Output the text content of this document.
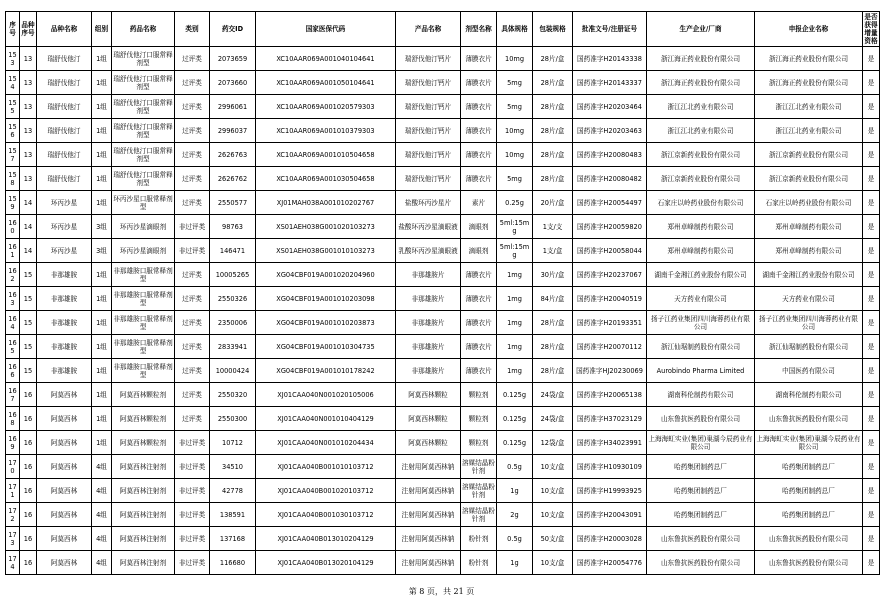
序号	品种序号	品种名称	组别	药品名称	类别	药交ID	国家医保代码	产品名称	剂型名称	具体规格	包装规格	批准文号/注册证号	生产企业/厂商	申报企业名称	是否获得增量资格
153	13	瑞舒伐他汀	1组	瑞舒伐他汀口服常释剂型	过评类	2073659	XC10AAR069A001040104641	瑞舒伐他汀钙片	薄膜衣片	10mg	28片/盒	国药准字H20143338	浙江海正药业股份有限公司	浙江海正药业股份有限公司	是
154	13	瑞舒伐他汀	1组	瑞舒伐他汀口服常释剂型	过评类	2073660	XC10AAR069A001050104641	瑞舒伐他汀钙片	薄膜衣片	5mg	28片/盒	国药准字H20143337	浙江海正药业股份有限公司	浙江海正药业股份有限公司	是
155	13	瑞舒伐他汀	1组	瑞舒伐他汀口服常释剂型	过评类	2996061	XC10AAR069A001020579303	瑞舒伐他汀钙片	薄膜衣片	5mg	28片/盒	国药准字H20203464	浙江江北药业有限公司	浙江江北药业有限公司	是
156	13	瑞舒伐他汀	1组	瑞舒伐他汀口服常释剂型	过评类	2996037	XC10AAR069A001010379303	瑞舒伐他汀钙片	薄膜衣片	10mg	28片/盒	国药准字H20203463	浙江江北药业有限公司	浙江江北药业有限公司	是
157	13	瑞舒伐他汀	1组	瑞舒伐他汀口服常释剂型	过评类	2626763	XC10AAR069A001010504658	瑞舒伐他汀钙片	薄膜衣片	10mg	28片/盒	国药准字H20080483	浙江京新药业股份有限公司	浙江京新药业股份有限公司	是
158	13	瑞舒伐他汀	1组	瑞舒伐他汀口服常释剂型	过评类	2626762	XC10AAR069A001030504658	瑞舒伐他汀钙片	薄膜衣片	5mg	28片/盒	国药准字H20080482	浙江京新药业股份有限公司	浙江京新药业股份有限公司	是
159	14	环丙沙星	1组	环丙沙星口服常释剂型	过评类	2550577	XJ01MAH038A001010202767	盐酸环丙沙星片	素片	0.25g	20片/盒	国药准字H20054497	石家庄以岭药业股份有限公司	石家庄以岭药业股份有限公司	是
160	14	环丙沙星	3组	环丙沙星滴眼剂	非过评类	98763	XS01AEH038G001020103273	盐酸环丙沙星滴眼液	滴眼剂	5ml:15mg	1支/支	国药准字H20059820	郑州卓峰制药有限公司	郑州卓峰制药有限公司	是
161	14	环丙沙星	3组	环丙沙星滴眼剂	非过评类	146471	XS01AEH038G001010103273	乳酸环丙沙星滴眼液	滴眼剂	5ml:15mg	1支/盒	国药准字H20058044	郑州卓峰制药有限公司	郑州卓峰制药有限公司	是
162	15	非那雄胺	1组	非那雄胺口服常释剂型	过评类	10005265	XG04CBF019A001020204960	非那雄胺片	薄膜衣片	1mg	30片/盒	国药准字H20237067	湖南千金湘江药业股份有限公司	湖南千金湘江药业股份有限公司	是
163	15	非那雄胺	1组	非那雄胺口服常释剂型	过评类	2550326	XG04CBF019A001010203098	非那雄胺片	薄膜衣片	1mg	84片/盒	国药准字H20040519	天方药业有限公司	天方药业有限公司	是
164	15	非那雄胺	1组	非那雄胺口服常释剂型	过评类	2350006	XG04CBF019A001010203873	非那雄胺片	薄膜衣片	1mg	28片/盒	国药准字H20193351	扬子江药业集团四川海蓉药业有限公司	扬子江药业集团四川海蓉药业有限公司	是
165	15	非那雄胺	1组	非那雄胺口服常释剂型	过评类	2833941	XG04CBF019A001010304735	非那雄胺片	薄膜衣片	1mg	28片/盒	国药准字H20070112	浙江仙琚制药股份有限公司	浙江仙琚制药股份有限公司	是
166	15	非那雄胺	1组	非那雄胺口服常释剂型	过评类	10000424	XG04CBF019A001010178242	非那雄胺片	薄膜衣片	1mg	28片/盒	国药准字HJ20230069	Aurobindo Pharma Limited	中国医药有限公司	是
167	16	阿莫西林	1组	阿莫西林颗粒剂	过评类	2550320	XJ01CAA040N001020105006	阿莫西林颗粒	颗粒剂	0.125g	24袋/盒	国药准字H20065138	湖南科伦制药有限公司	湖南科伦制药有限公司	是
168	16	阿莫西林	1组	阿莫西林颗粒剂	过评类	2550300	XJ01CAA040N001010404129	阿莫西林颗粒	颗粒剂	0.125g	24袋/盒	国药准字H37023129	山东鲁抗医药股份有限公司	山东鲁抗医药股份有限公司	是
169	16	阿莫西林	1组	阿莫西林颗粒剂	非过评类	10712	XJ01CAA040N001010204434	阿莫西林颗粒	颗粒剂	0.125g	12袋/盒	国药准字H34023991	上海海虹实业(集团)巢湖今辰药业有限公司	上海海虹实业(集团)巢湖今辰药业有限公司	是
170	16	阿莫西林	4组	阿莫西林注射剂	非过评类	34510	XJ01CAA040B001010103712	注射用阿莫西林钠	溶媒结晶粉针剂	0.5g	10支/盒	国药准字H10930109	哈药集团制药总厂	哈药集团制药总厂	是
171	16	阿莫西林	4组	阿莫西林注射剂	非过评类	42778	XJ01CAA040B001020103712	注射用阿莫西林钠	溶媒结晶粉针剂	1g	10支/盒	国药准字H19993925	哈药集团制药总厂	哈药集团制药总厂	是
172	16	阿莫西林	4组	阿莫西林注射剂	非过评类	138591	XJ01CAA040B001030103712	注射用阿莫西林钠	溶媒结晶粉针剂	2g	10支/盒	国药准字H20043091	哈药集团制药总厂	哈药集团制药总厂	是
173	16	阿莫西林	4组	阿莫西林注射剂	非过评类	137168	XJ01CAA040B013010204129	注射用阿莫西林钠	粉针剂	0.5g	50支/盒	国药准字H20003028	山东鲁抗医药股份有限公司	山东鲁抗医药股份有限公司	是
174	16	阿莫西林	4组	阿莫西林注射剂	非过评类	116680	XJ01CAA040B013020104129	注射用阿莫西林钠	粉针剂	1g	10支/盒	国药准字H20054776	山东鲁抗医药股份有限公司	山东鲁抗医药股份有限公司	是
第 8 页，共 21 页
